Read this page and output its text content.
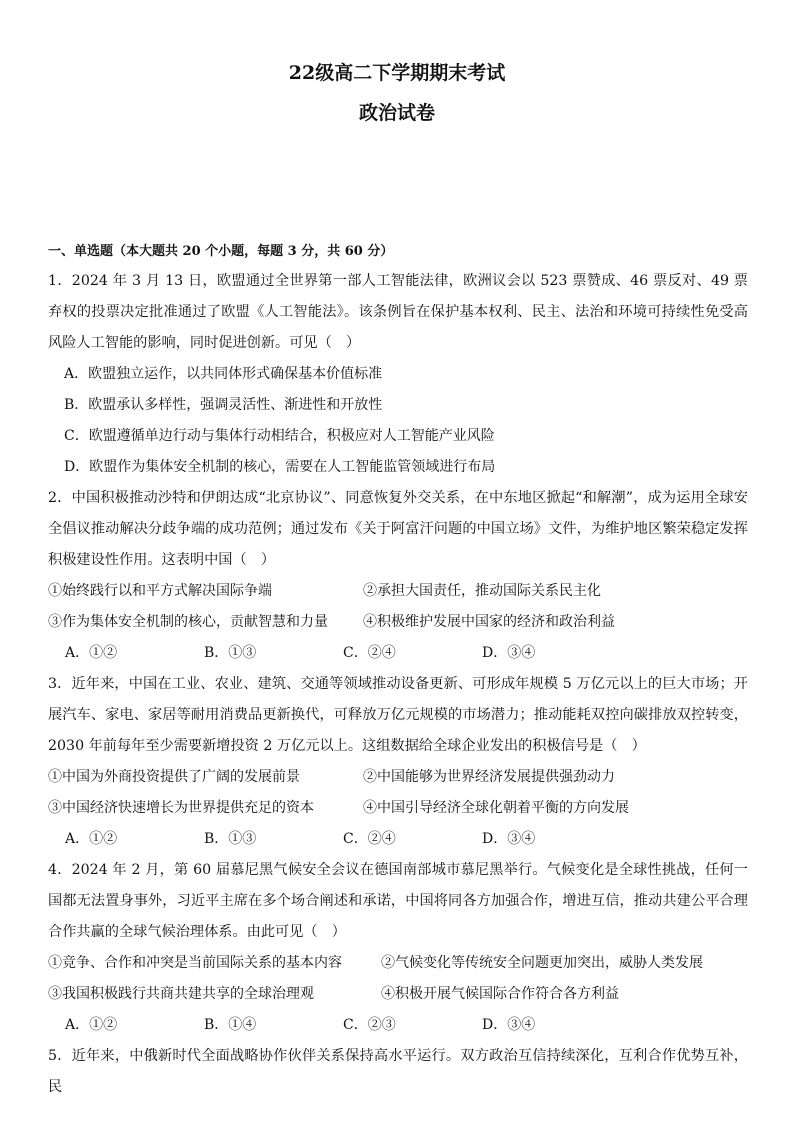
22级高二下学期期末考试
政治试卷
一、单选题（本大题共 20 个小题，每题 3 分，共 60 分）
1．2024 年 3 月 13 日，欧盟通过全世界第一部人工智能法律，欧洲议会以 523 票赞成、46 票反对、49 票弃权的投票决定批准通过了欧盟《人工智能法》。该条例旨在保护基本权利、民主、法治和环境可持续性免受高风险人工智能的影响，同时促进创新。可见（　）
A．欧盟独立运作，以共同体形式确保基本价值标准
B．欧盟承认多样性，强调灵活性、渐进性和开放性
C．欧盟遵循单边行动与集体行动相结合，积极应对人工智能产业风险
D．欧盟作为集体安全机制的核心，需要在人工智能监管领域进行布局
2．中国积极推动沙特和伊朗达成“北京协议”、同意恢复外交关系，在中东地区掀起“和解潮”，成为运用全球安全倡议推动解决分歧争端的成功范例；通过发布《关于阿富汗问题的中国立场》文件，为维护地区繁荣稳定发挥积极建设性作用。这表明中国（　）
①始终践行以和平方式解决国际争端	②承担大国责任，推动国际关系民主化
③作为集体安全机制的核心，贡献智慧和力量	④积极维护发展中国家的经济和政治利益
A．①②	B．①③	C．②④	D．③④
3．近年来，中国在工业、农业、建筑、交通等领域推动设备更新、可形成年规模 5 万亿元以上的巨大市场；开展汽车、家电、家居等耐用消费品更新换代，可释放万亿元规模的市场潜力；推动能耗双控向碳排放双控转变，2030 年前每年至少需要新增投资 2 万亿元以上。这组数据给全球企业发出的积极信号是（　）
①中国为外商投资提供了广阔的发展前景	②中国能够为世界经济发展提供强劲动力
③中国经济快速增长为世界提供充足的资本	④中国引导经济全球化朝着平衡的方向发展
A．①②	B．①③	C．②④	D．③④
4．2024 年 2 月，第 60 届慕尼黑气候安全会议在德国南部城市慕尼黑举行。气候变化是全球性挑战，任何一国都无法置身事外，习近平主席在多个场合阐述和承诺，中国将同各方加强合作，增进互信，推动共建公平合理合作共赢的全球气候治理体系。由此可见（　）
①竞争、合作和冲突是当前国际关系的基本内容	②气候变化等传统安全问题更加突出，威胁人类发展
③我国积极践行共商共建共享的全球治理观	④积极开展气候国际合作符合各方利益
A．①②	B．①④	C．②③	D．③④
5．近年来，中俄新时代全面战略协作伙伴关系保持高水平运行。双方政治互信持续深化，互利合作优势互补，民
